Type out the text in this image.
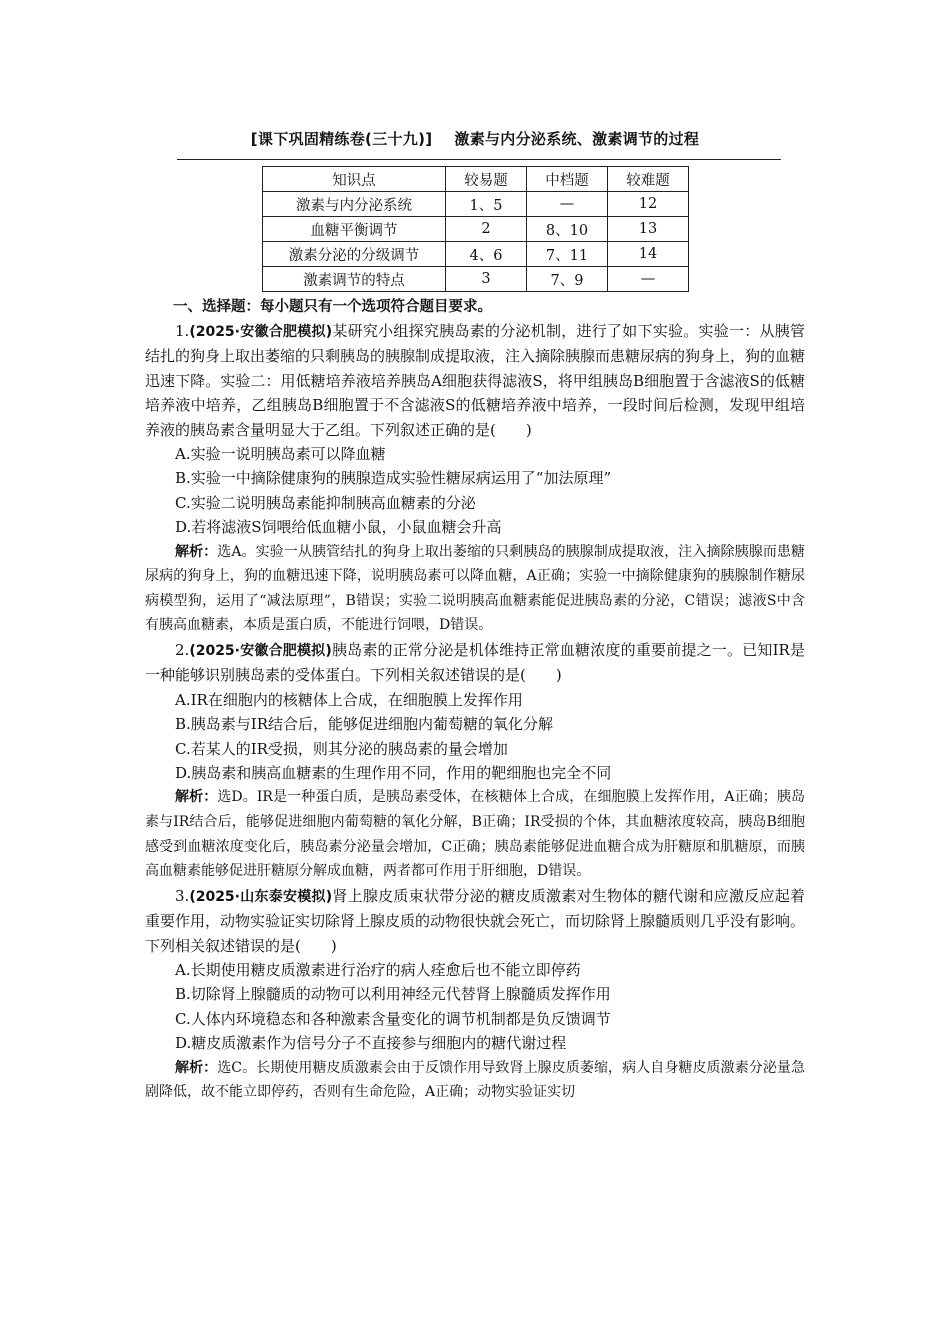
[课下巩固精练卷(三十九)] 激素与内分泌系统、激素调节的过程
知识点	较易题	中档题	较难题
激素与内分泌系统	1、5	—	12
血糖平衡调节	2	8、10	13
激素分泌的分级调节	4、6	7、11	14
激素调节的特点	3	7、9	—
一、选择题：每小题只有一个选项符合题目要求。

1.(2025·安徽合肥模拟)某研究小组探究胰岛素的分泌机制，进行了如下实验。实验一：从胰管结扎的狗身上取出萎缩的只剩胰岛的胰腺制成提取液，注入摘除胰腺而患糖尿病的狗身上，狗的血糖迅速下降。实验二：用低糖培养液培养胰岛A细胞获得滤液S，将甲组胰岛B细胞置于含滤液S的低糖培养液中培养，乙组胰岛B细胞置于不含滤液S的低糖培养液中培养，一段时间后检测，发现甲组培养液的胰岛素含量明显大于乙组。下列叙述正确的是(　　)

A.实验一说明胰岛素可以降血糖

B.实验一中摘除健康狗的胰腺造成实验性糖尿病运用了“加法原理”

C.实验二说明胰岛素能抑制胰高血糖素的分泌

D.若将滤液S饲喂给低血糖小鼠，小鼠血糖会升高

解析：选A。实验一从胰管结扎的狗身上取出萎缩的只剩胰岛的胰腺制成提取液，注入摘除胰腺而患糖尿病的狗身上，狗的血糖迅速下降，说明胰岛素可以降血糖，A正确；实验一中摘除健康狗的胰腺制作糖尿病模型狗，运用了“减法原理”，B错误；实验二说明胰高血糖素能促进胰岛素的分泌，C错误；滤液S中含有胰高血糖素，本质是蛋白质，不能进行饲喂，D错误。

2.(2025·安徽合肥模拟)胰岛素的正常分泌是机体维持正常血糖浓度的重要前提之一。已知IR是一种能够识别胰岛素的受体蛋白。下列相关叙述错误的是(　　)

A.IR在细胞内的核糖体上合成，在细胞膜上发挥作用

B.胰岛素与IR结合后，能够促进细胞内葡萄糖的氧化分解

C.若某人的IR受损，则其分泌的胰岛素的量会增加

D.胰岛素和胰高血糖素的生理作用不同，作用的靶细胞也完全不同

解析：选D。IR是一种蛋白质，是胰岛素受体，在核糖体上合成，在细胞膜上发挥作用，A正确；胰岛素与IR结合后，能够促进细胞内葡萄糖的氧化分解，B正确；IR受损的个体，其血糖浓度较高，胰岛B细胞感受到血糖浓度变化后，胰岛素分泌量会增加，C正确；胰岛素能够促进血糖合成为肝糖原和肌糖原，而胰高血糖素能够促进肝糖原分解成血糖，两者都可作用于肝细胞，D错误。

3.(2025·山东泰安模拟)肾上腺皮质束状带分泌的糖皮质激素对生物体的糖代谢和应激反应起着重要作用，动物实验证实切除肾上腺皮质的动物很快就会死亡，而切除肾上腺髓质则几乎没有影响。下列相关叙述错误的是(　　)

A.长期使用糖皮质激素进行治疗的病人痊愈后也不能立即停药

B.切除肾上腺髓质的动物可以利用神经元代替肾上腺髓质发挥作用

C.人体内环境稳态和各种激素含量变化的调节机制都是负反馈调节

D.糖皮质激素作为信号分子不直接参与细胞内的糖代谢过程

解析：选C。长期使用糖皮质激素会由于反馈作用导致肾上腺皮质萎缩，病人自身糖皮质激素分泌量急剧降低，故不能立即停药，否则有生命危险，A正确；动物实验证实切
